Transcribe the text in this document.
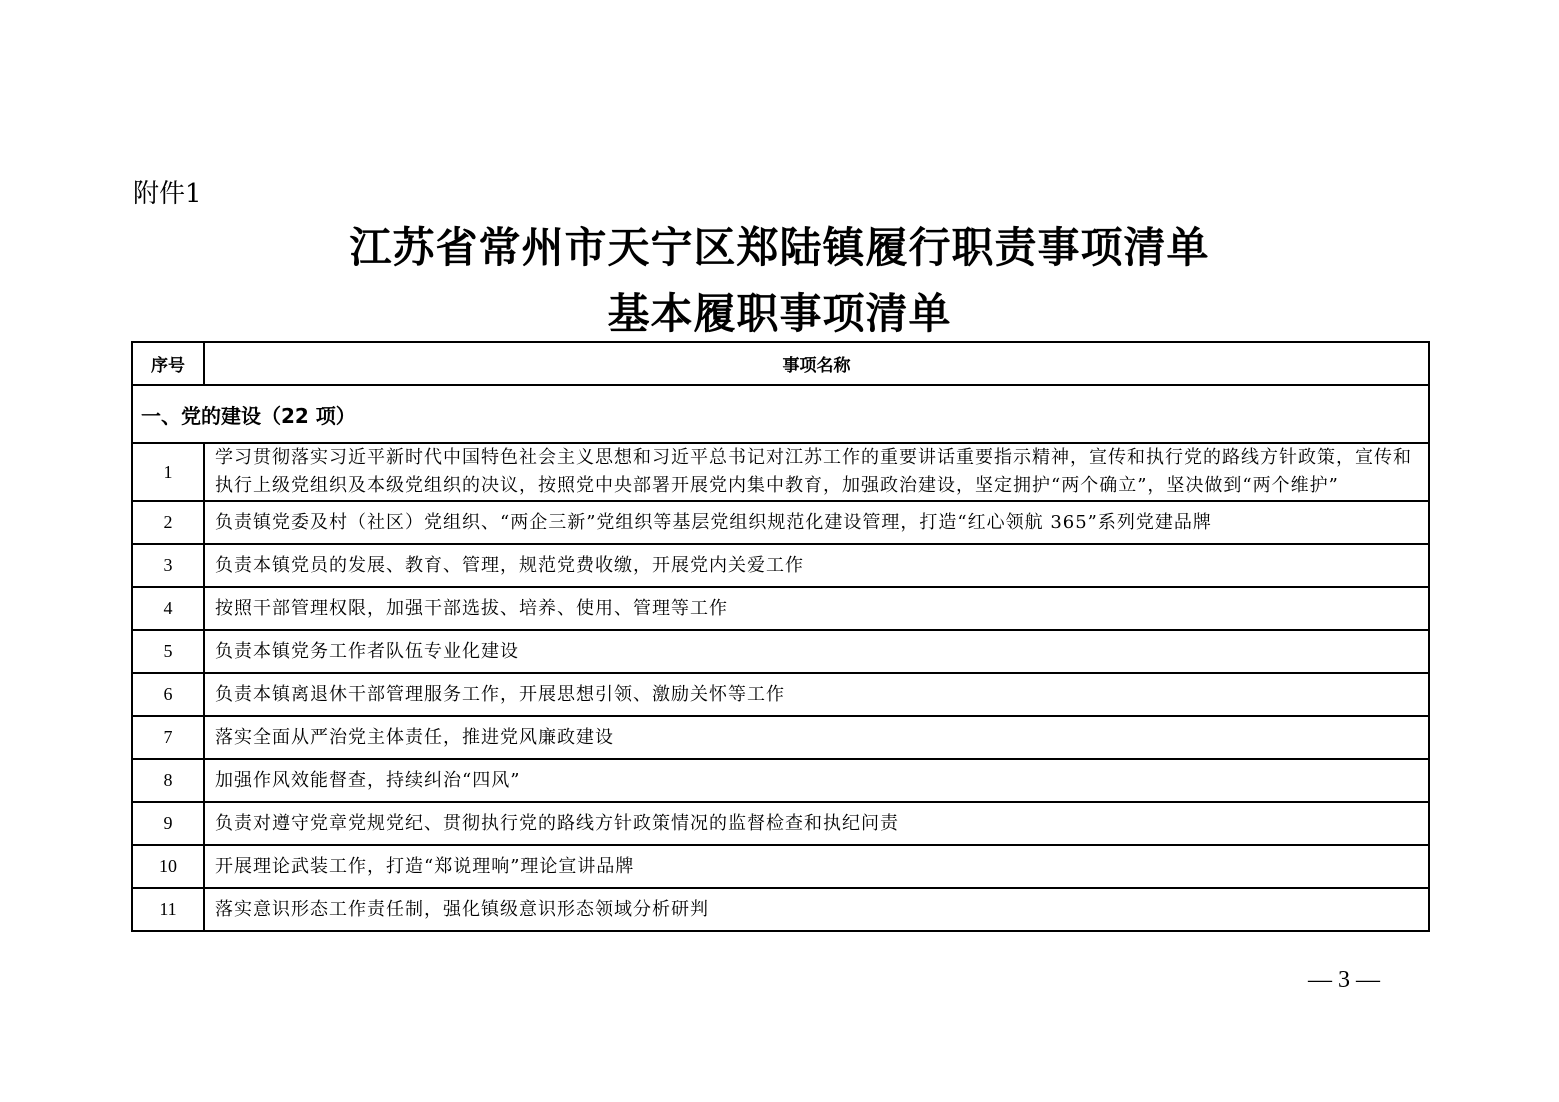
附件1
江苏省常州市天宁区郑陆镇履行职责事项清单
基本履职事项清单
序号	事项名称
一、党的建设（22 项）	
1	学习贯彻落实习近平新时代中国特色社会主义思想和习近平总书记对江苏工作的重要讲话重要指示精神，宣传和执行党的路线方针政策，宣传和执行上级党组织及本级党组织的决议，按照党中央部署开展党内集中教育，加强政治建设，坚定拥护“两个确立”，坚决做到“两个维护”
2	负责镇党委及村（社区）党组织、“两企三新”党组织等基层党组织规范化建设管理，打造“红心领航 365”系列党建品牌
3	负责本镇党员的发展、教育、管理，规范党费收缴，开展党内关爱工作
4	按照干部管理权限，加强干部选拔、培养、使用、管理等工作
5	负责本镇党务工作者队伍专业化建设
6	负责本镇离退休干部管理服务工作，开展思想引领、激励关怀等工作
7	落实全面从严治党主体责任，推进党风廉政建设
8	加强作风效能督查，持续纠治“四风”
9	负责对遵守党章党规党纪、贯彻执行党的路线方针政策情况的监督检查和执纪问责
10	开展理论武装工作，打造“郑说理响”理论宣讲品牌
11	落实意识形态工作责任制，强化镇级意识形态领域分析研判
— 3 —
